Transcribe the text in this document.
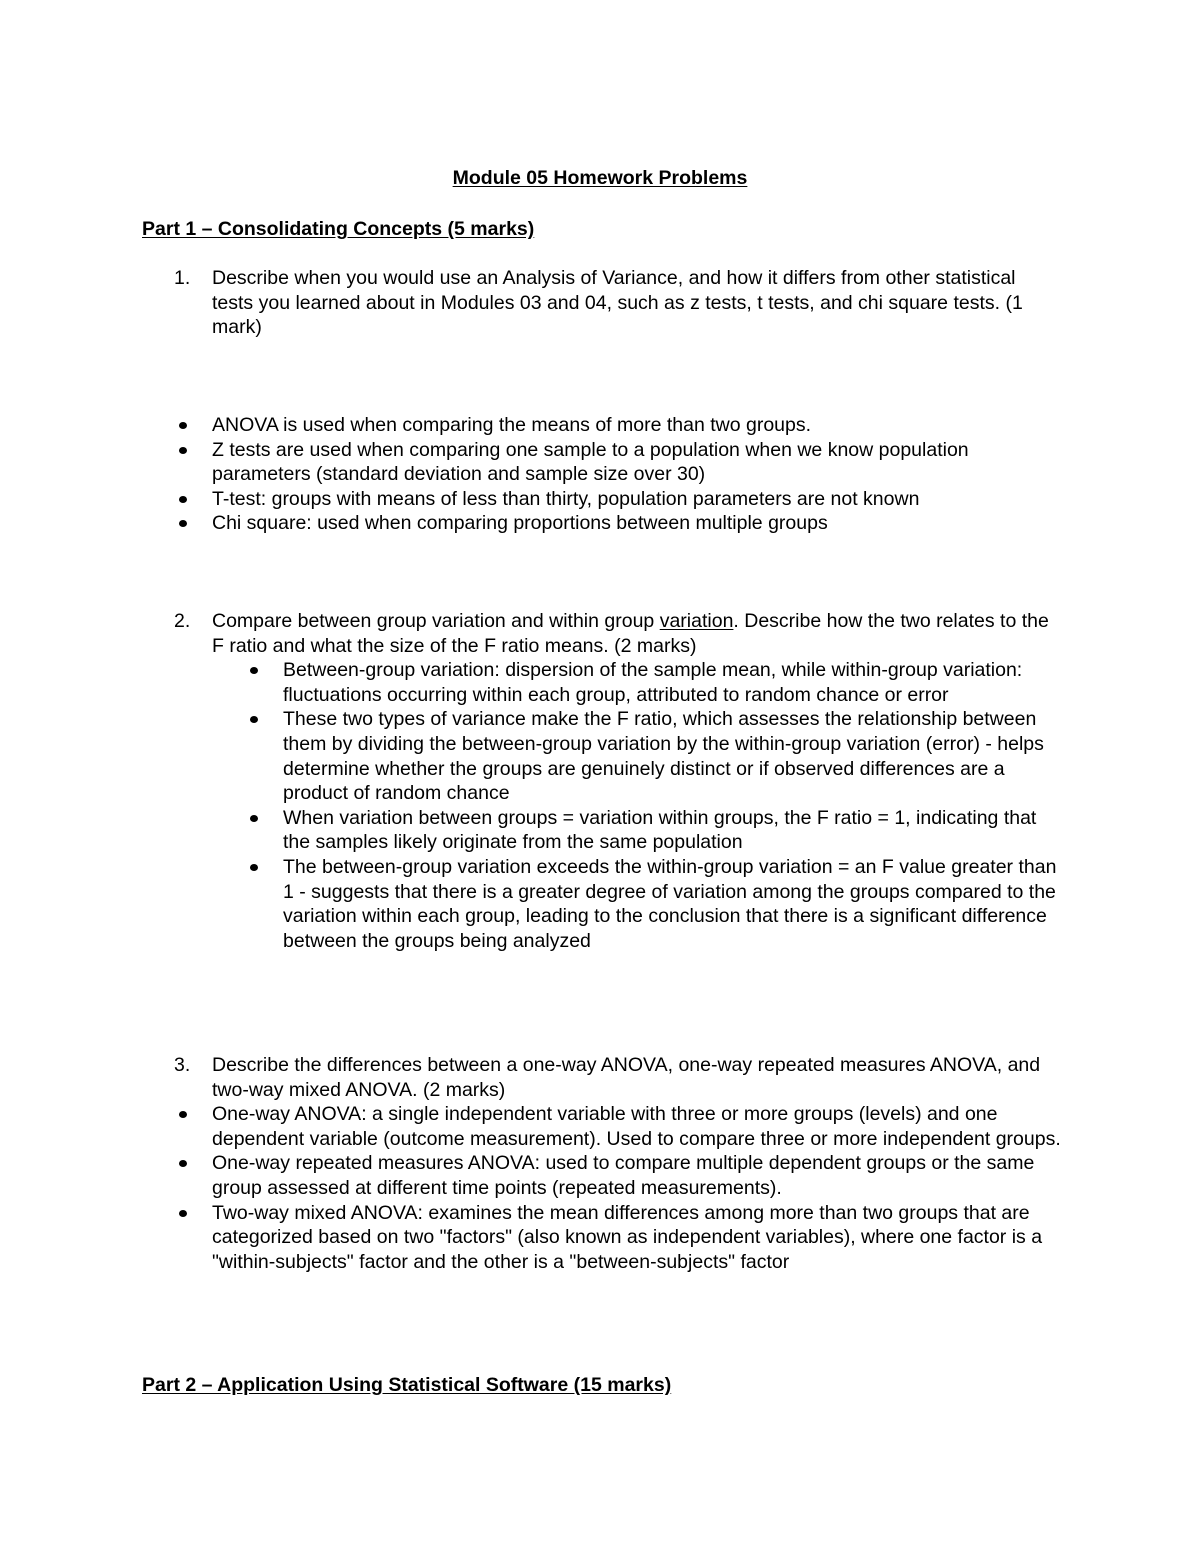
Module 05 Homework Problems
Part 1 – Consolidating Concepts (5 marks)
1. Describe when you would use an Analysis of Variance, and how it differs from other statistical tests you learned about in Modules 03 and 04, such as z tests, t tests, and chi square tests. (1 mark)
ANOVA is used when comparing the means of more than two groups.
Z tests are used when comparing one sample to a population when we know population parameters (standard deviation and sample size over 30)
T-test: groups with means of less than thirty, population parameters are not known
Chi square: used when comparing proportions between multiple groups
2. Compare between group variation and within group variation. Describe how the two relates to the F ratio and what the size of the F ratio means. (2 marks)
Between-group variation: dispersion of the sample mean, while within-group variation: fluctuations occurring within each group, attributed to random chance or error
These two types of variance make the F ratio, which assesses the relationship between them by dividing the between-group variation by the within-group variation (error) - helps determine whether the groups are genuinely distinct or if observed differences are a product of random chance
When variation between groups = variation within groups, the F ratio = 1, indicating that the samples likely originate from the same population
The between-group variation exceeds the within-group variation = an F value greater than 1 - suggests that there is a greater degree of variation among the groups compared to the variation within each group, leading to the conclusion that there is a significant difference between the groups being analyzed
3. Describe the differences between a one-way ANOVA, one-way repeated measures ANOVA, and two-way mixed ANOVA. (2 marks)
One-way ANOVA: a single independent variable with three or more groups (levels) and one dependent variable (outcome measurement). Used to compare three or more independent groups.
One-way repeated measures ANOVA: used to compare multiple dependent groups or the same group assessed at different time points (repeated measurements).
Two-way mixed ANOVA: examines the mean differences among more than two groups that are categorized based on two "factors" (also known as independent variables), where one factor is a "within-subjects" factor and the other is a "between-subjects" factor
Part 2 – Application Using Statistical Software (15 marks)
